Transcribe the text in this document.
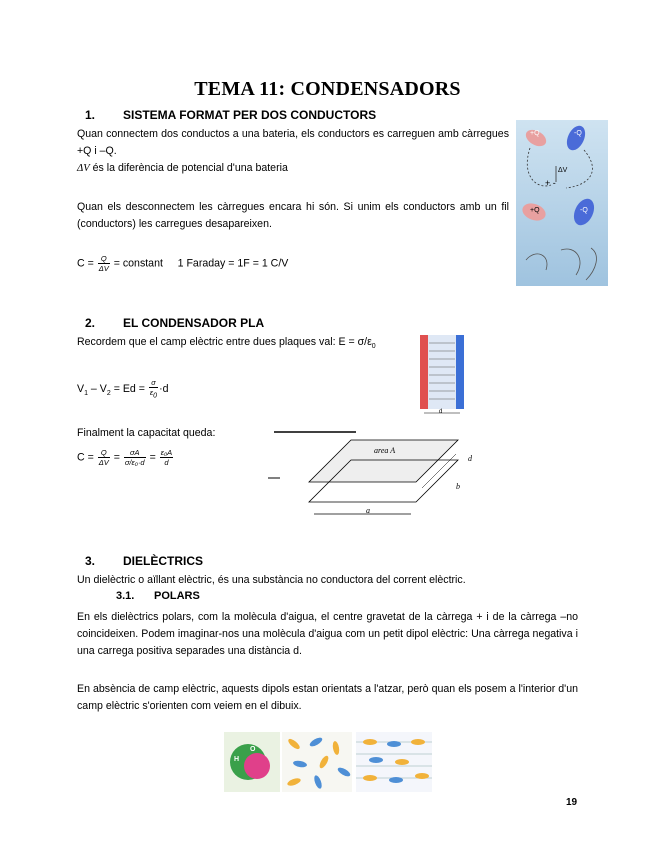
TEMA 11: CONDENSADORS
1. SISTEMA FORMAT PER DOS CONDUCTORS
Quan connectem dos conductos a una bateria, els conductors es carreguen amb càrregues +Q i –Q.
ΔV és la diferència de potencial d'una bateria
Quan els desconnectem les càrregues encara hi són. Si unim els conductors amb un fil (conductors) les carregues desapareixen.
$C = \frac{Q}{\Delta V}$ = constant     1 Faraday = 1F = 1 C/V
+Q	-Q
ΔV
+ -
+Q	-Q
2. EL CONDENSADOR PLA
Recordem que el camp elèctric entre dues plaques val: $E = \sigma/\varepsilon_0$
$V_1 - V_2 = Ed = \frac{\sigma}{\varepsilon_0} \cdot d$
d
Finalment la capacitat queda:
$C = \frac{Q}{\Delta V} = \frac{\sigma A}{\text{σ/ε₀·d}} = \frac{\text{ε₀A}}{d}$	area A
d
b
a
3. DIELÈCTRICS
Un dielèctric o aïllant elèctric, és una substància no conductora del corrent elèctric.
3.1. POLARS
En els dielèctrics polars, com la molècula d'aigua, el centre gravetat de la càrrega + i de la càrrega –no coincideixen. Podem imaginar-nos una molècula d'aigua com un petit dipol elèctric: Una càrrega negativa i una carrega positiva separades una distància d.
En absència de camp elèctric, aquests dipols estan orientats a l'atzar, però quan els posem a l'interior d'un camp elèctric s'orienten com veiem en el dibuix.
H
O
19
